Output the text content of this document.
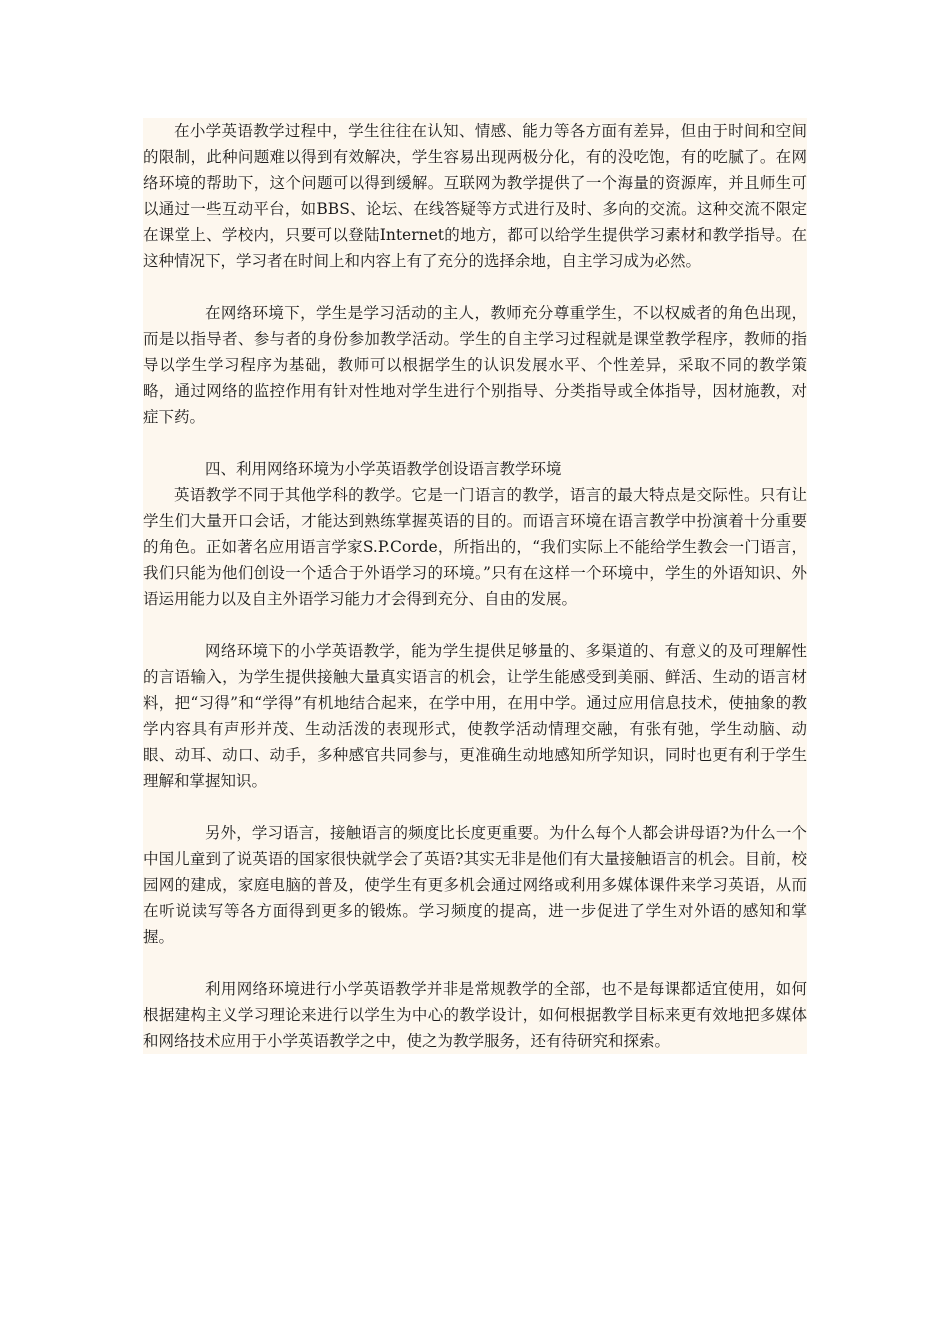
在小学英语教学过程中，学生往往在认知、情感、能力等各方面有差异，但由于时间和空间的限制，此种问题难以得到有效解决，学生容易出现两极分化，有的没吃饱，有的吃腻了。在网络环境的帮助下，这个问题可以得到缓解。互联网为教学提供了一个海量的资源库，并且师生可以通过一些互动平台，如BBS、论坛、在线答疑等方式进行及时、多向的交流。这种交流不限定在课堂上、学校内，只要可以登陆Internet的地方，都可以给学生提供学习素材和教学指导。在这种情况下，学习者在时间上和内容上有了充分的选择余地，自主学习成为必然。

在网络环境下，学生是学习活动的主人，教师充分尊重学生，不以权威者的角色出现，而是以指导者、参与者的身份参加教学活动。学生的自主学习过程就是课堂教学程序，教师的指导以学生学习程序为基础，教师可以根据学生的认识发展水平、个性差异，采取不同的教学策略，通过网络的监控作用有针对性地对学生进行个别指导、分类指导或全体指导，因材施教，对症下药。

四、利用网络环境为小学英语教学创设语言教学环境

英语教学不同于其他学科的教学。它是一门语言的教学，语言的最大特点是交际性。只有让学生们大量开口会话，才能达到熟练掌握英语的目的。而语言环境在语言教学中扮演着十分重要的角色。正如著名应用语言学家S.P.Corde，所指出的，“我们实际上不能给学生教会一门语言，我们只能为他们创设一个适合于外语学习的环境。”只有在这样一个环境中，学生的外语知识、外语运用能力以及自主外语学习能力才会得到充分、自由的发展。

网络环境下的小学英语教学，能为学生提供足够量的、多渠道的、有意义的及可理解性的言语输入，为学生提供接触大量真实语言的机会，让学生能感受到美丽、鲜活、生动的语言材料，把“习得”和“学得”有机地结合起来，在学中用，在用中学。通过应用信息技术，使抽象的教学内容具有声形并茂、生动活泼的表现形式，使教学活动情理交融，有张有弛，学生动脑、动眼、动耳、动口、动手，多种感官共同参与，更准确生动地感知所学知识，同时也更有利于学生理解和掌握知识。

另外，学习语言，接触语言的频度比长度更重要。为什么每个人都会讲母语?为什么一个中国儿童到了说英语的国家很快就学会了英语?其实无非是他们有大量接触语言的机会。目前，校园网的建成，家庭电脑的普及，使学生有更多机会通过网络或利用多媒体课件来学习英语，从而在听说读写等各方面得到更多的锻炼。学习频度的提高，进一步促进了学生对外语的感知和掌握。

利用网络环境进行小学英语教学并非是常规教学的全部，也不是每课都适宜使用，如何根据建构主义学习理论来进行以学生为中心的教学设计，如何根据教学目标来更有效地把多媒体和网络技术应用于小学英语教学之中，使之为教学服务，还有待研究和探索。
